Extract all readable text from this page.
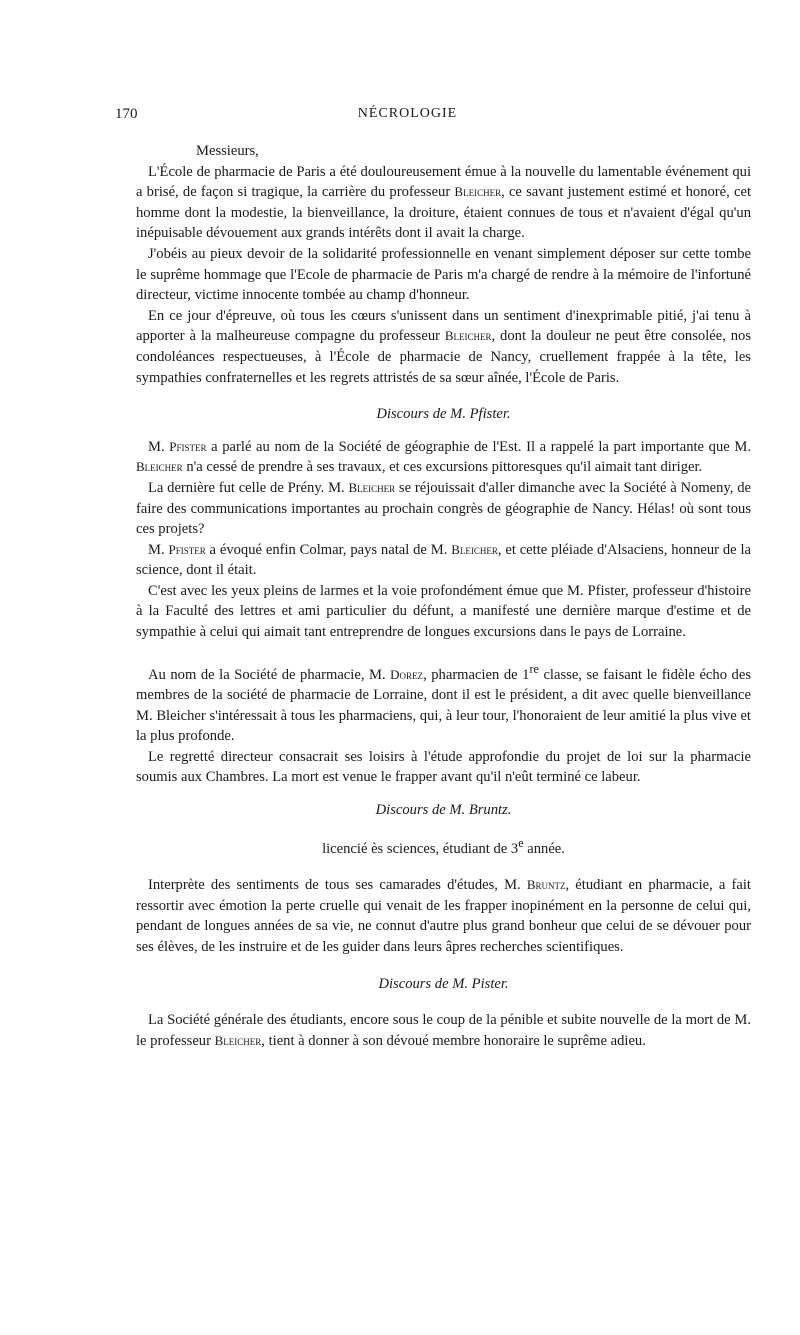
170	NÉCROLOGIE

Messieurs,

L'École de pharmacie de Paris a été douloureusement émue à la nouvelle du lamentable événement qui a brisé, de façon si tragique, la carrière du professeur Bleicher, ce savant justement estimé et honoré, cet homme dont la modestie, la bienveillance, la droiture, étaient connues de tous et n'avaient d'égal qu'un inépuisable dévouement aux grands intérêts dont il avait la charge.

J'obéis au pieux devoir de la solidarité professionnelle en venant simplement déposer sur cette tombe le suprême hommage que l'Ecole de pharmacie de Paris m'a chargé de rendre à la mémoire de l'infortuné directeur, victime innocente tombée au champ d'honneur.

En ce jour d'épreuve, où tous les cœurs s'unissent dans un sentiment d'inexprimable pitié, j'ai tenu à apporter à la malheureuse compagne du professeur Bleicher, dont la douleur ne peut être consolée, nos condoléances respectueuses, à l'École de pharmacie de Nancy, cruellement frappée à la tête, les sympathies confraternelles et les regrets attristés de sa sœur aînée, l'École de Paris.

Discours de M. Pfister.

M. Pfister a parlé au nom de la Société de géographie de l'Est. Il a rappelé la part importante que M. Bleicher n'a cessé de prendre à ses travaux, et ces excursions pittoresques qu'il aimait tant diriger.

La dernière fut celle de Prény. M. Bleicher se réjouissait d'aller dimanche avec la Société à Nomeny, de faire des communications importantes au prochain congrès de géographie de Nancy. Hélas! où sont tous ces projets?

M. Pfister a évoqué enfin Colmar, pays natal de M. Bleicher, et cette pléiade d'Alsaciens, honneur de la science, dont il était.

C'est avec les yeux pleins de larmes et la voie profondément émue que M. Pfister, professeur d'histoire à la Faculté des lettres et ami particulier du défunt, a manifesté une dernière marque d'estime et de sympathie à celui qui aimait tant entreprendre de longues excursions dans le pays de Lorraine.

Au nom de la Société de pharmacie, M. Dorez, pharmacien de 1re classe, se faisant le fidèle écho des membres de la société de pharmacie de Lorraine, dont il est le président, a dit avec quelle bienveillance M. Bleicher s'intéressait à tous les pharmaciens, qui, à leur tour, l'honoraient de leur amitié la plus vive et la plus profonde.

Le regretté directeur consacrait ses loisirs à l'étude approfondie du projet de loi sur la pharmacie soumis aux Chambres. La mort est venue le frapper avant qu'il n'eût terminé ce labeur.

Discours de M. Bruntz.

licencié ès sciences, étudiant de 3e année.

Interprète des sentiments de tous ses camarades d'études, M. Bruntz, étudiant en pharmacie, a fait ressortir avec émotion la perte cruelle qui venait de les frapper inopinément en la personne de celui qui, pendant de longues années de sa vie, ne connut d'autre plus grand bonheur que celui de se dévouer pour ses élèves, de les instruire et de les guider dans leurs âpres recherches scientifiques.

Discours de M. Pister.

La Société générale des étudiants, encore sous le coup de la pénible et subite nouvelle de la mort de M. le professeur Bleicher, tient à donner à son dévoué membre honoraire le suprême adieu.
